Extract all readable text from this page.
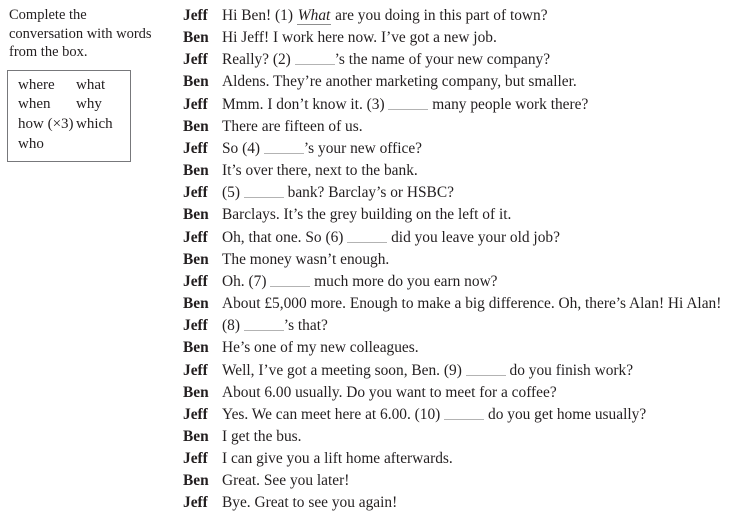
Complete the conversation with words from the box.
where	what
when	why
how (×3) which
who
Jeff Hi Ben! (1) What are you doing in this part of town?
Ben Hi Jeff! I work here now. I’ve got a new job.
Jeff Really? (2)	’s the name of your new company?
Ben Aldens. They’re another marketing company, but smaller.
Jeff Mmm. I don’t know it. (3)	many people work there?
Ben There are fifteen of us.
Jeff So (4)	’s your new office?
Ben It’s over there, next to the bank.
Jeff (5)	bank? Barclay’s or HSBC?
Ben Barclays. It’s the grey building on the left of it.
Jeff Oh, that one. So (6)	did you leave your old job?
Ben The money wasn’t enough.
Jeff Oh. (7)	much more do you earn now?
Ben About £5,000 more. Enough to make a big difference. Oh, there’s Alan! Hi Alan!
Jeff (8)	’s that?
Ben He’s one of my new colleagues.
Jeff Well, I’ve got a meeting soon, Ben. (9)	do you finish work?
Ben About 6.00 usually. Do you want to meet for a coffee?
Jeff Yes. We can meet here at 6.00. (10)	do you get home usually?
Ben I get the bus.
Jeff I can give you a lift home afterwards.
Ben Great. See you later!
Jeff Bye. Great to see you again!
